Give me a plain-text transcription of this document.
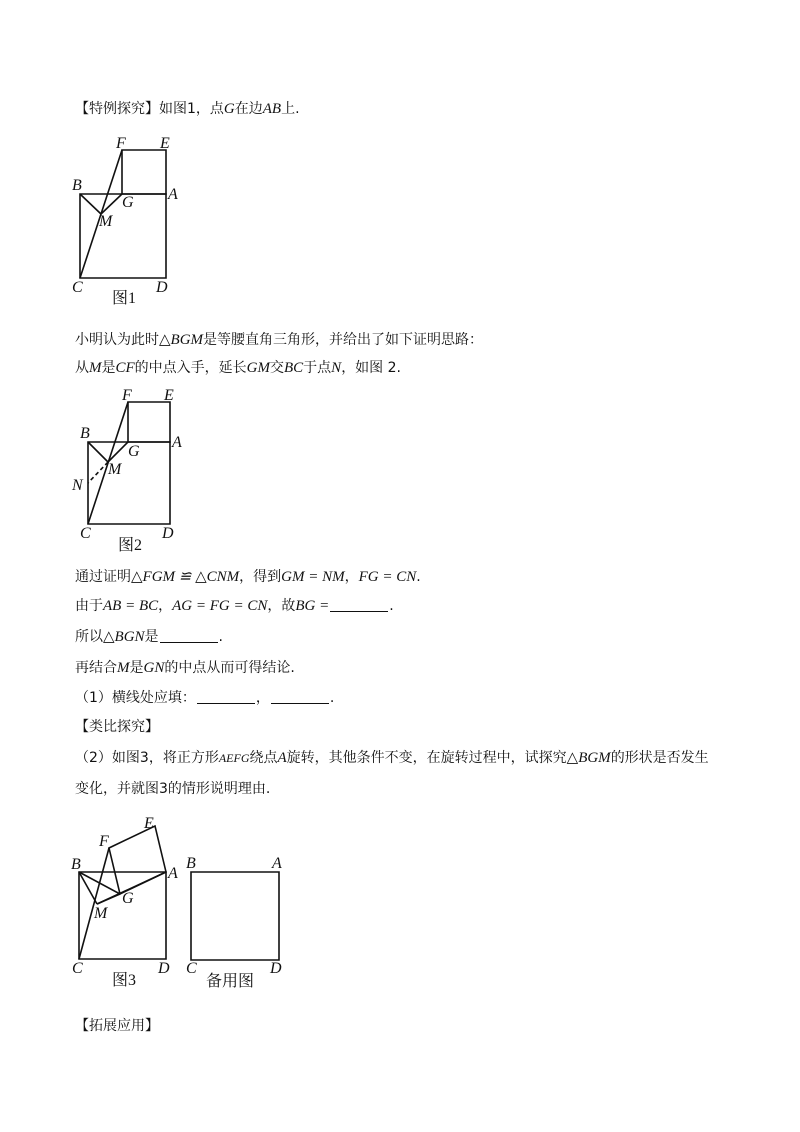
【特例探究】如图1，点G在边AB上.
F E
B
A
G
M
C	D
图1
小明认为此时△BGM是等腰直角三角形，并给出了如下证明思路：
从M是CF的中点入手，延长GM交BC于点N，如图 2.
F E
B
A
G
M
N
C	D
图2
通过证明△FGM ≌ △CNM，得到GM = NM，FG = CN.
由于AB = BC，AG = FG = CN，故BG =	.
所以△BGN是	.
再结合M是GN的中点从而可得结论.
（1）横线处应填：	，	.
【类比探究】
（2）如图3，将正方形AEFG绕点A旋转，其他条件不变，在旋转过程中，试探究△BGM的形状是否发生
变化，并就图3的情形说明理由.
F
E
B
A
G
M
C	D
图3
B	A
C	D
备用图
【拓展应用】
